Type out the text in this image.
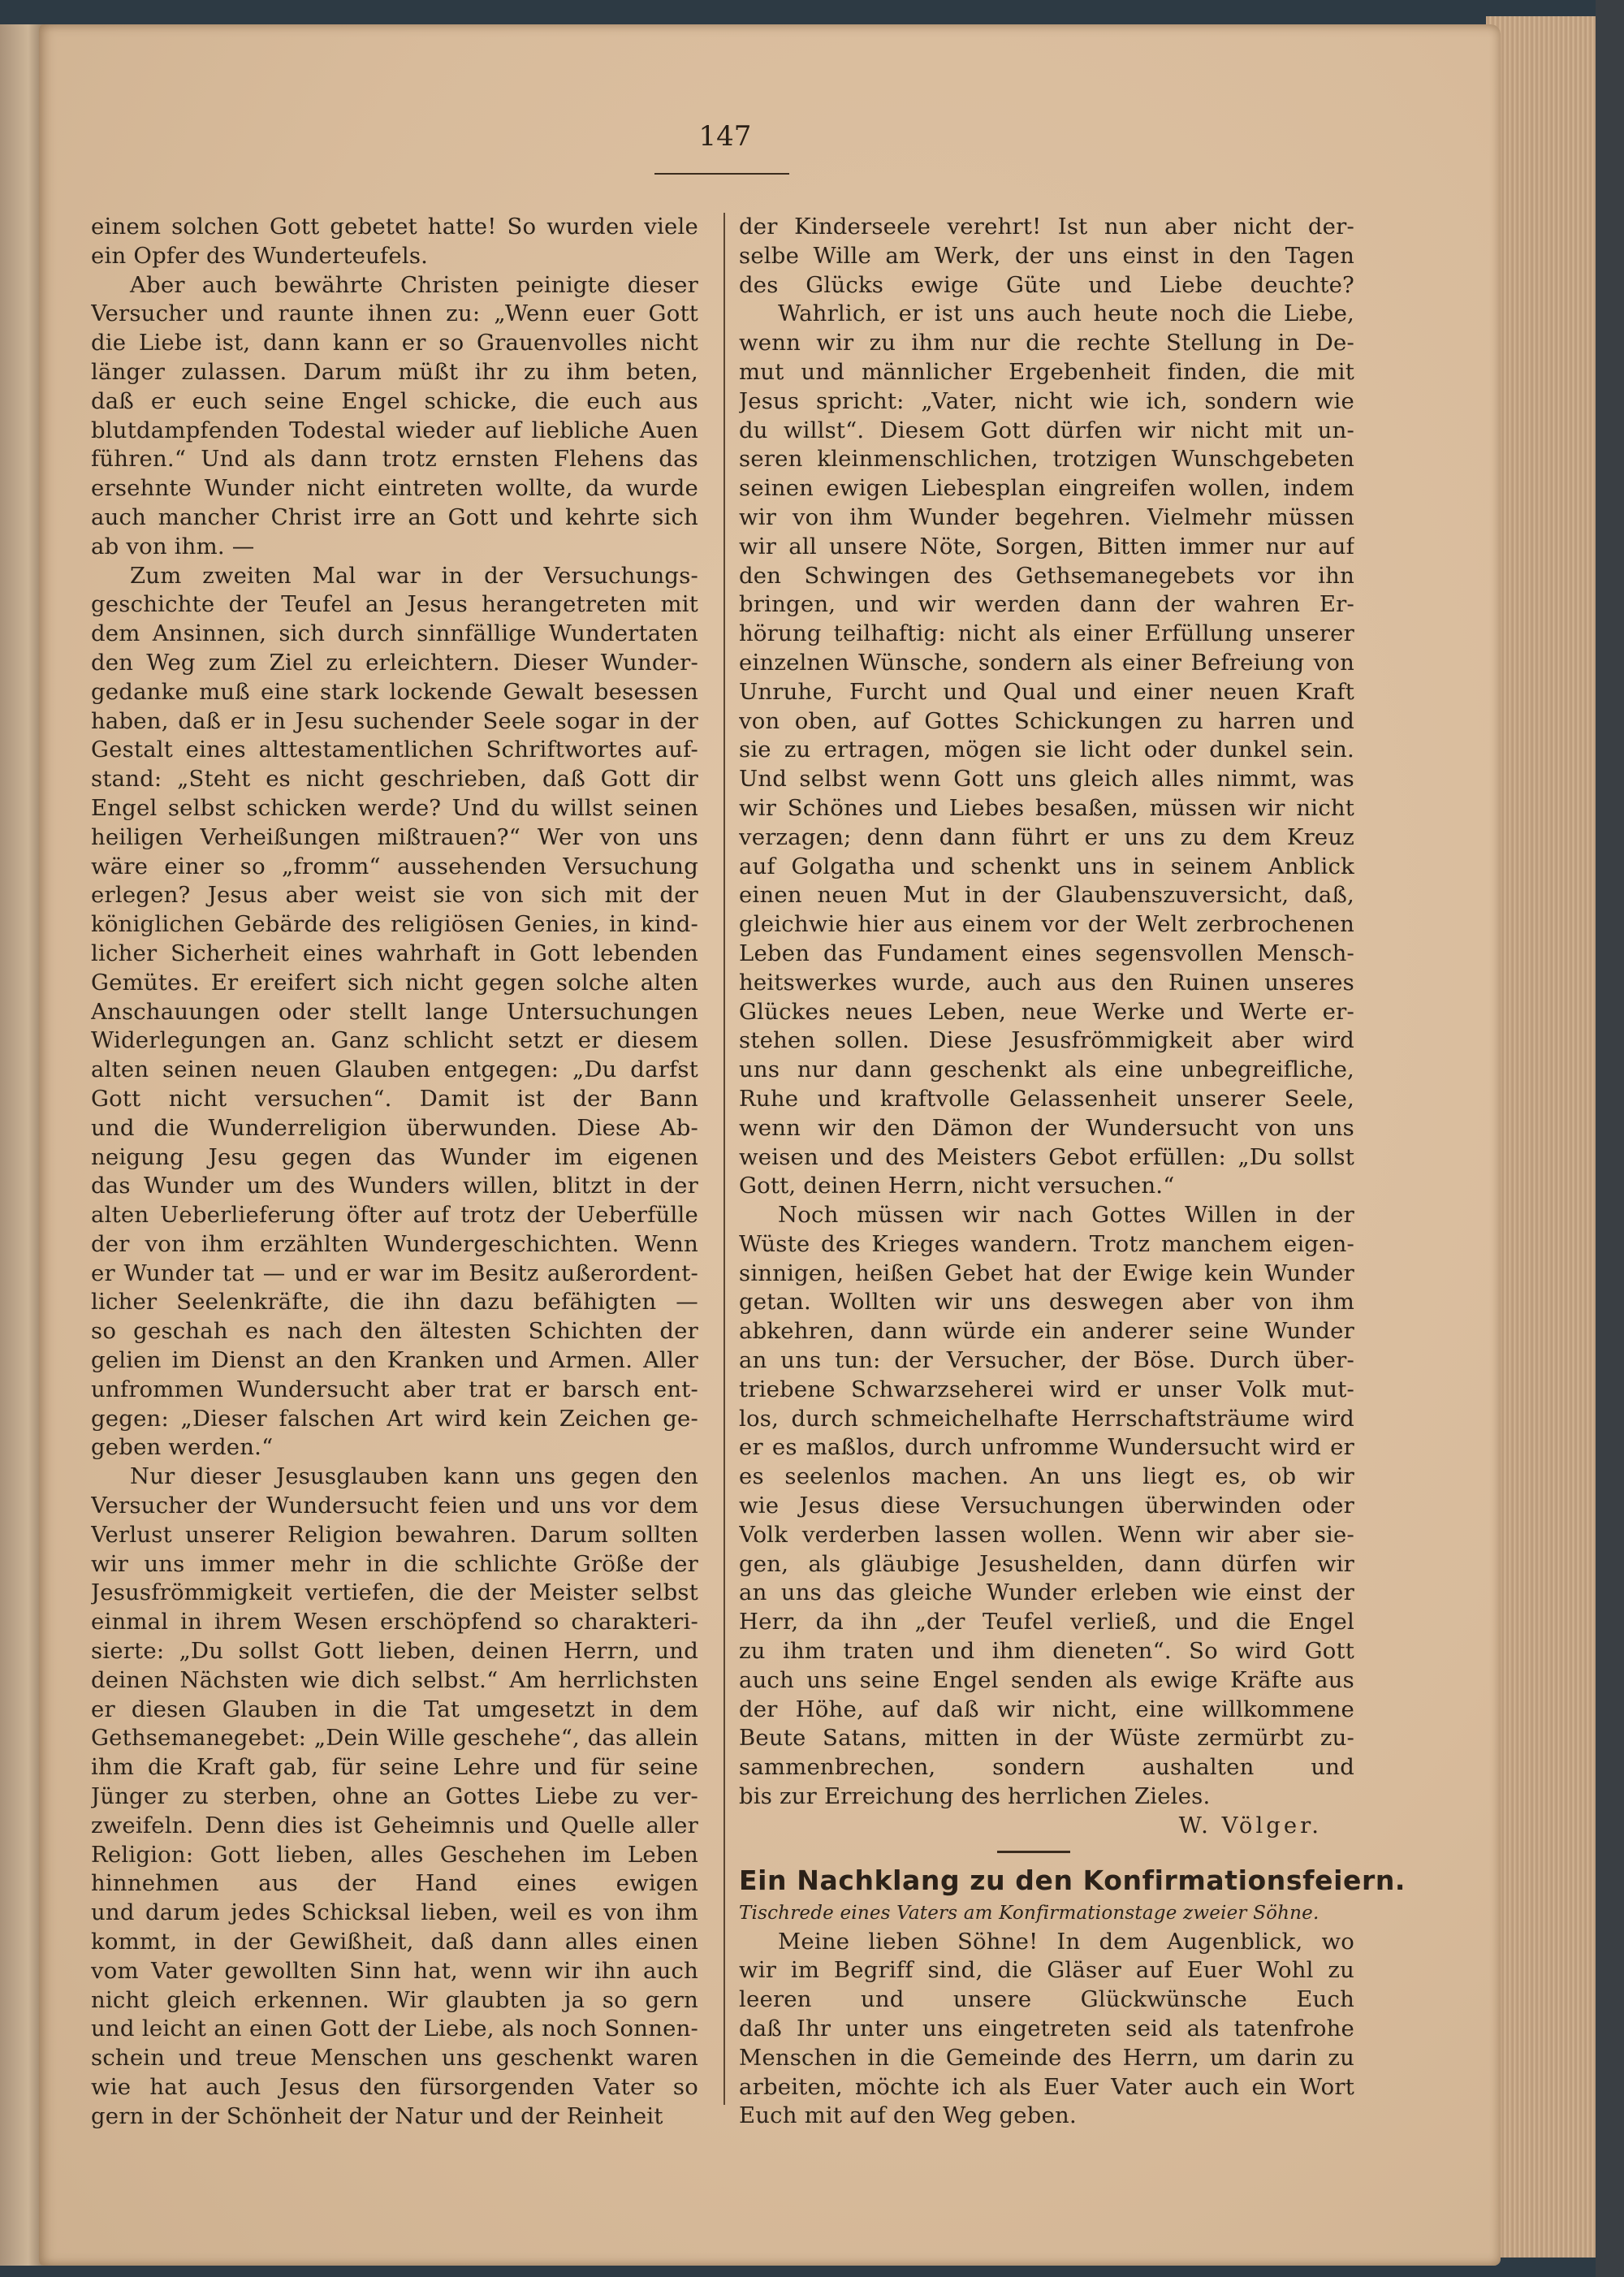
147
einem solchen Gott gebetet hatte! So wurden viele
ein Opfer des Wunderteufels.
Aber auch bewährte Christen peinigte dieser
Versucher und raunte ihnen zu: „Wenn euer Gott
die Liebe ist, dann kann er so Grauenvolles nicht
länger zulassen. Darum müßt ihr zu ihm beten,
daß er euch seine Engel schicke, die euch aus
blutdampfenden Todestal wieder auf liebliche Auen
führen.“ Und als dann trotz ernsten Flehens das
ersehnte Wunder nicht eintreten wollte, da wurde
auch mancher Christ irre an Gott und kehrte sich
ab von ihm. —
Zum zweiten Mal war in der Versuchungs-
geschichte der Teufel an Jesus herangetreten mit
dem Ansinnen, sich durch sinnfällige Wundertaten
den Weg zum Ziel zu erleichtern. Dieser Wunder-
gedanke muß eine stark lockende Gewalt besessen
haben, daß er in Jesu suchender Seele sogar in der
Gestalt eines alttestamentlichen Schriftwortes auf-
stand: „Steht es nicht geschrieben, daß Gott dir
Engel selbst schicken werde? Und du willst seinen
heiligen Verheißungen mißtrauen?“ Wer von uns
wäre einer so „fromm“ aussehenden Versuchung
erlegen? Jesus aber weist sie von sich mit der
königlichen Gebärde des religiösen Genies, in kind-
licher Sicherheit eines wahrhaft in Gott lebenden
Gemütes. Er ereifert sich nicht gegen solche alten
Anschauungen oder stellt lange Untersuchungen
Widerlegungen an. Ganz schlicht setzt er diesem
alten seinen neuen Glauben entgegen: „Du darfst
Gott nicht versuchen“. Damit ist der Bann
und die Wunderreligion überwunden. Diese Ab-
neigung Jesu gegen das Wunder im eigenen
das Wunder um des Wunders willen, blitzt in der
alten Ueberlieferung öfter auf trotz der Ueberfülle
der von ihm erzählten Wundergeschichten. Wenn
er Wunder tat — und er war im Besitz außerordent-
licher Seelenkräfte, die ihn dazu befähigten —
so geschah es nach den ältesten Schichten der
gelien im Dienst an den Kranken und Armen. Aller
unfrommen Wundersucht aber trat er barsch ent-
gegen: „Dieser falschen Art wird kein Zeichen ge-
geben werden.“
Nur dieser Jesusglauben kann uns gegen den
Versucher der Wundersucht feien und uns vor dem
Verlust unserer Religion bewahren. Darum sollten
wir uns immer mehr in die schlichte Größe der
Jesusfrömmigkeit vertiefen, die der Meister selbst
einmal in ihrem Wesen erschöpfend so charakteri-
sierte: „Du sollst Gott lieben, deinen Herrn, und
deinen Nächsten wie dich selbst.“ Am herrlichsten
er diesen Glauben in die Tat umgesetzt in dem
Gethsemanegebet: „Dein Wille geschehe“, das allein
ihm die Kraft gab, für seine Lehre und für seine
Jünger zu sterben, ohne an Gottes Liebe zu ver-
zweifeln. Denn dies ist Geheimnis und Quelle aller
Religion: Gott lieben, alles Geschehen im Leben
hinnehmen aus der Hand eines ewigen
und darum jedes Schicksal lieben, weil es von ihm
kommt, in der Gewißheit, daß dann alles einen
vom Vater gewollten Sinn hat, wenn wir ihn auch
nicht gleich erkennen. Wir glaubten ja so gern
und leicht an einen Gott der Liebe, als noch Sonnen-
schein und treue Menschen uns geschenkt waren
wie hat auch Jesus den fürsorgenden Vater so
gern in der Schönheit der Natur und der Reinheit
der Kinderseele verehrt! Ist nun aber nicht der-
selbe Wille am Werk, der uns einst in den Tagen
des Glücks ewige Güte und Liebe deuchte?
Wahrlich, er ist uns auch heute noch die Liebe,
wenn wir zu ihm nur die rechte Stellung in De-
mut und männlicher Ergebenheit finden, die mit
Jesus spricht: „Vater, nicht wie ich, sondern wie
du willst“. Diesem Gott dürfen wir nicht mit un-
seren kleinmenschlichen, trotzigen Wunschgebeten
seinen ewigen Liebesplan eingreifen wollen, indem
wir von ihm Wunder begehren. Vielmehr müssen
wir all unsere Nöte, Sorgen, Bitten immer nur auf
den Schwingen des Gethsemanegebets vor ihn
bringen, und wir werden dann der wahren Er-
hörung teilhaftig: nicht als einer Erfüllung unserer
einzelnen Wünsche, sondern als einer Befreiung von
Unruhe, Furcht und Qual und einer neuen Kraft
von oben, auf Gottes Schickungen zu harren und
sie zu ertragen, mögen sie licht oder dunkel sein.
Und selbst wenn Gott uns gleich alles nimmt, was
wir Schönes und Liebes besaßen, müssen wir nicht
verzagen; denn dann führt er uns zu dem Kreuz
auf Golgatha und schenkt uns in seinem Anblick
einen neuen Mut in der Glaubenszuversicht, daß,
gleichwie hier aus einem vor der Welt zerbrochenen
Leben das Fundament eines segensvollen Mensch-
heitswerkes wurde, auch aus den Ruinen unseres
Glückes neues Leben, neue Werke und Werte er-
stehen sollen. Diese Jesusfrömmigkeit aber wird
uns nur dann geschenkt als eine unbegreifliche,
Ruhe und kraftvolle Gelassenheit unserer Seele,
wenn wir den Dämon der Wundersucht von uns
weisen und des Meisters Gebot erfüllen: „Du sollst
Gott, deinen Herrn, nicht versuchen.“
Noch müssen wir nach Gottes Willen in der
Wüste des Krieges wandern. Trotz manchem eigen-
sinnigen, heißen Gebet hat der Ewige kein Wunder
getan. Wollten wir uns deswegen aber von ihm
abkehren, dann würde ein anderer seine Wunder
an uns tun: der Versucher, der Böse. Durch über-
triebene Schwarzseherei wird er unser Volk mut-
los, durch schmeichelhafte Herrschaftsträume wird
er es maßlos, durch unfromme Wundersucht wird er
es seelenlos machen. An uns liegt es, ob wir
wie Jesus diese Versuchungen überwinden oder
Volk verderben lassen wollen. Wenn wir aber sie-
gen, als gläubige Jesushelden, dann dürfen wir
an uns das gleiche Wunder erleben wie einst der
Herr, da ihn „der Teufel verließ, und die Engel
zu ihm traten und ihm dieneten“. So wird Gott
auch uns seine Engel senden als ewige Kräfte aus
der Höhe, auf daß wir nicht, eine willkommene
Beute Satans, mitten in der Wüste zermürbt zu-
sammenbrechen, sondern aushalten und
bis zur Erreichung des herrlichen Zieles.
W. Völger.
Ein Nachklang zu den Konfirmationsfeiern.
Tischrede eines Vaters am Konfirmationstage zweier Söhne.
Meine lieben Söhne! In dem Augenblick, wo
wir im Begriff sind, die Gläser auf Euer Wohl zu
leeren und unsere Glückwünsche Euch
daß Ihr unter uns eingetreten seid als tatenfrohe
Menschen in die Gemeinde des Herrn, um darin zu
arbeiten, möchte ich als Euer Vater auch ein Wort
Euch mit auf den Weg geben.
